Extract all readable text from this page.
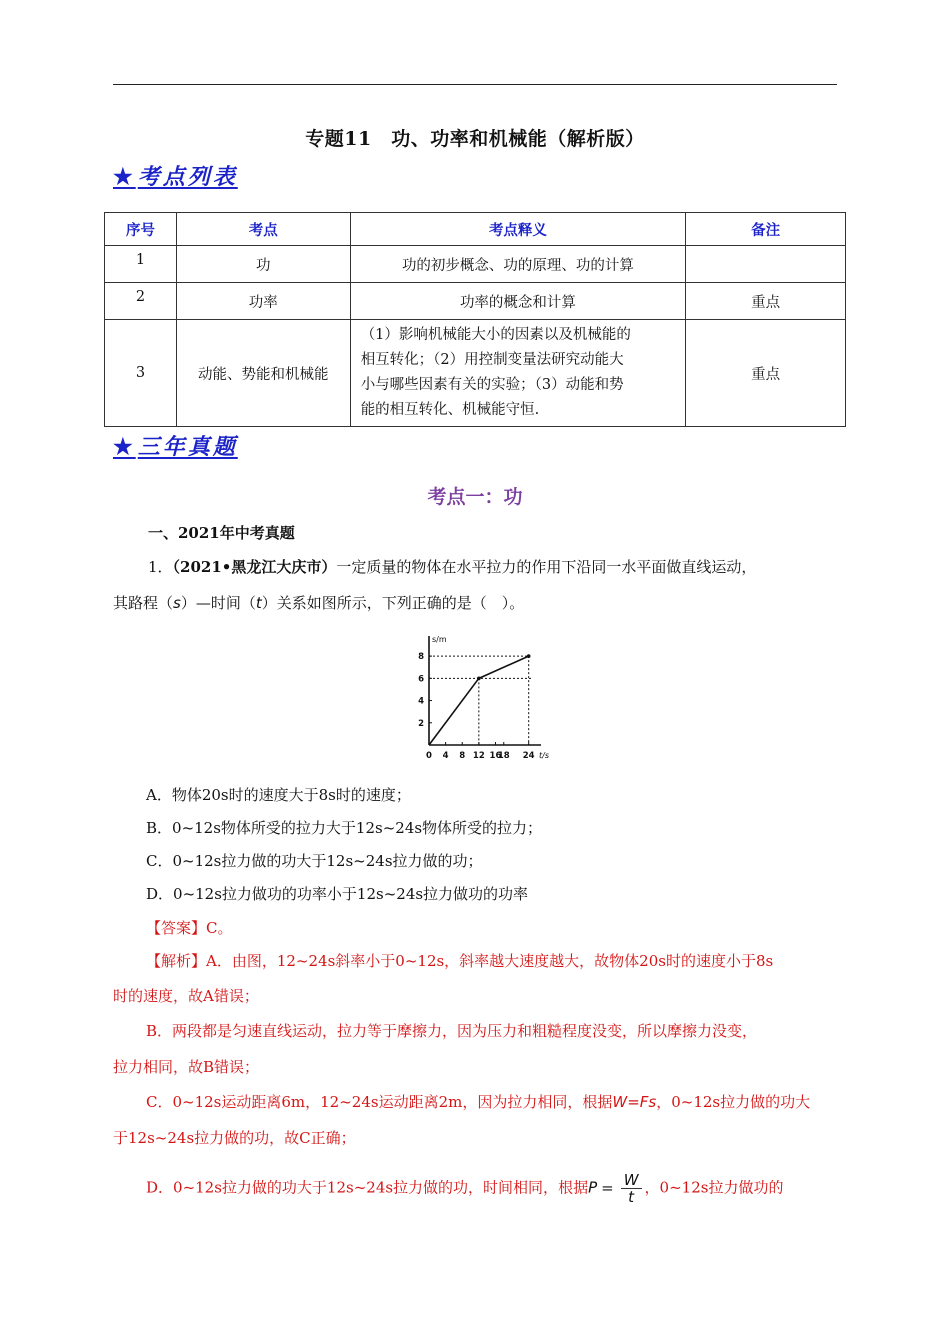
专题11　功、功率和机械能（解析版）
★考点列表
序号	考点	考点释义	备注
1	功	功的初步概念、功的原理、功的计算	
2	功率	功率的概念和计算	重点
3	动能、势能和机械能	（1）影响机械能大小的因素以及机械能的
相互转化；（2）用控制变量法研究动能大
小与哪些因素有关的实验；（3）动能和势
能的相互转化、机械能守恒.	重点
★三年真题
考点一：功
一、2021年中考真题
1．（2021•黑龙江大庆市）一定质量的物体在水平拉力的作用下沿同一水平面做直线运动，
其路程（s）—时间（t）关系如图所示，下列正确的是（　）。
s/m
t/s
0 4 8 12 16
18 24
2
4
6
8
A．物体20s时的速度大于8s时的速度；
B．0~12s物体所受的拉力大于12s~24s物体所受的拉力；
C．0~12s拉力做的功大于12s~24s拉力做的功；
D．0~12s拉力做功的功率小于12s~24s拉力做功的功率
【答案】C。
【解析】A．由图，12~24s斜率小于0~12s，斜率越大速度越大，故物体20s时的速度小于8s
时的速度，故A错误；
B．两段都是匀速直线运动，拉力等于摩擦力，因为压力和粗糙程度没变，所以摩擦力没变，
拉力相同，故B错误；
C．0~12s运动距离6m，12~24s运动距离2m，因为拉力相同，根据W=Fs，0~12s拉力做的功大
于12s~24s拉力做的功，故C正确；
D．0~12s拉力做的功大于12s~24s拉力做的功，时间相同，根据$P = \frac{W}{t}$ ，0~12s拉力做功的
